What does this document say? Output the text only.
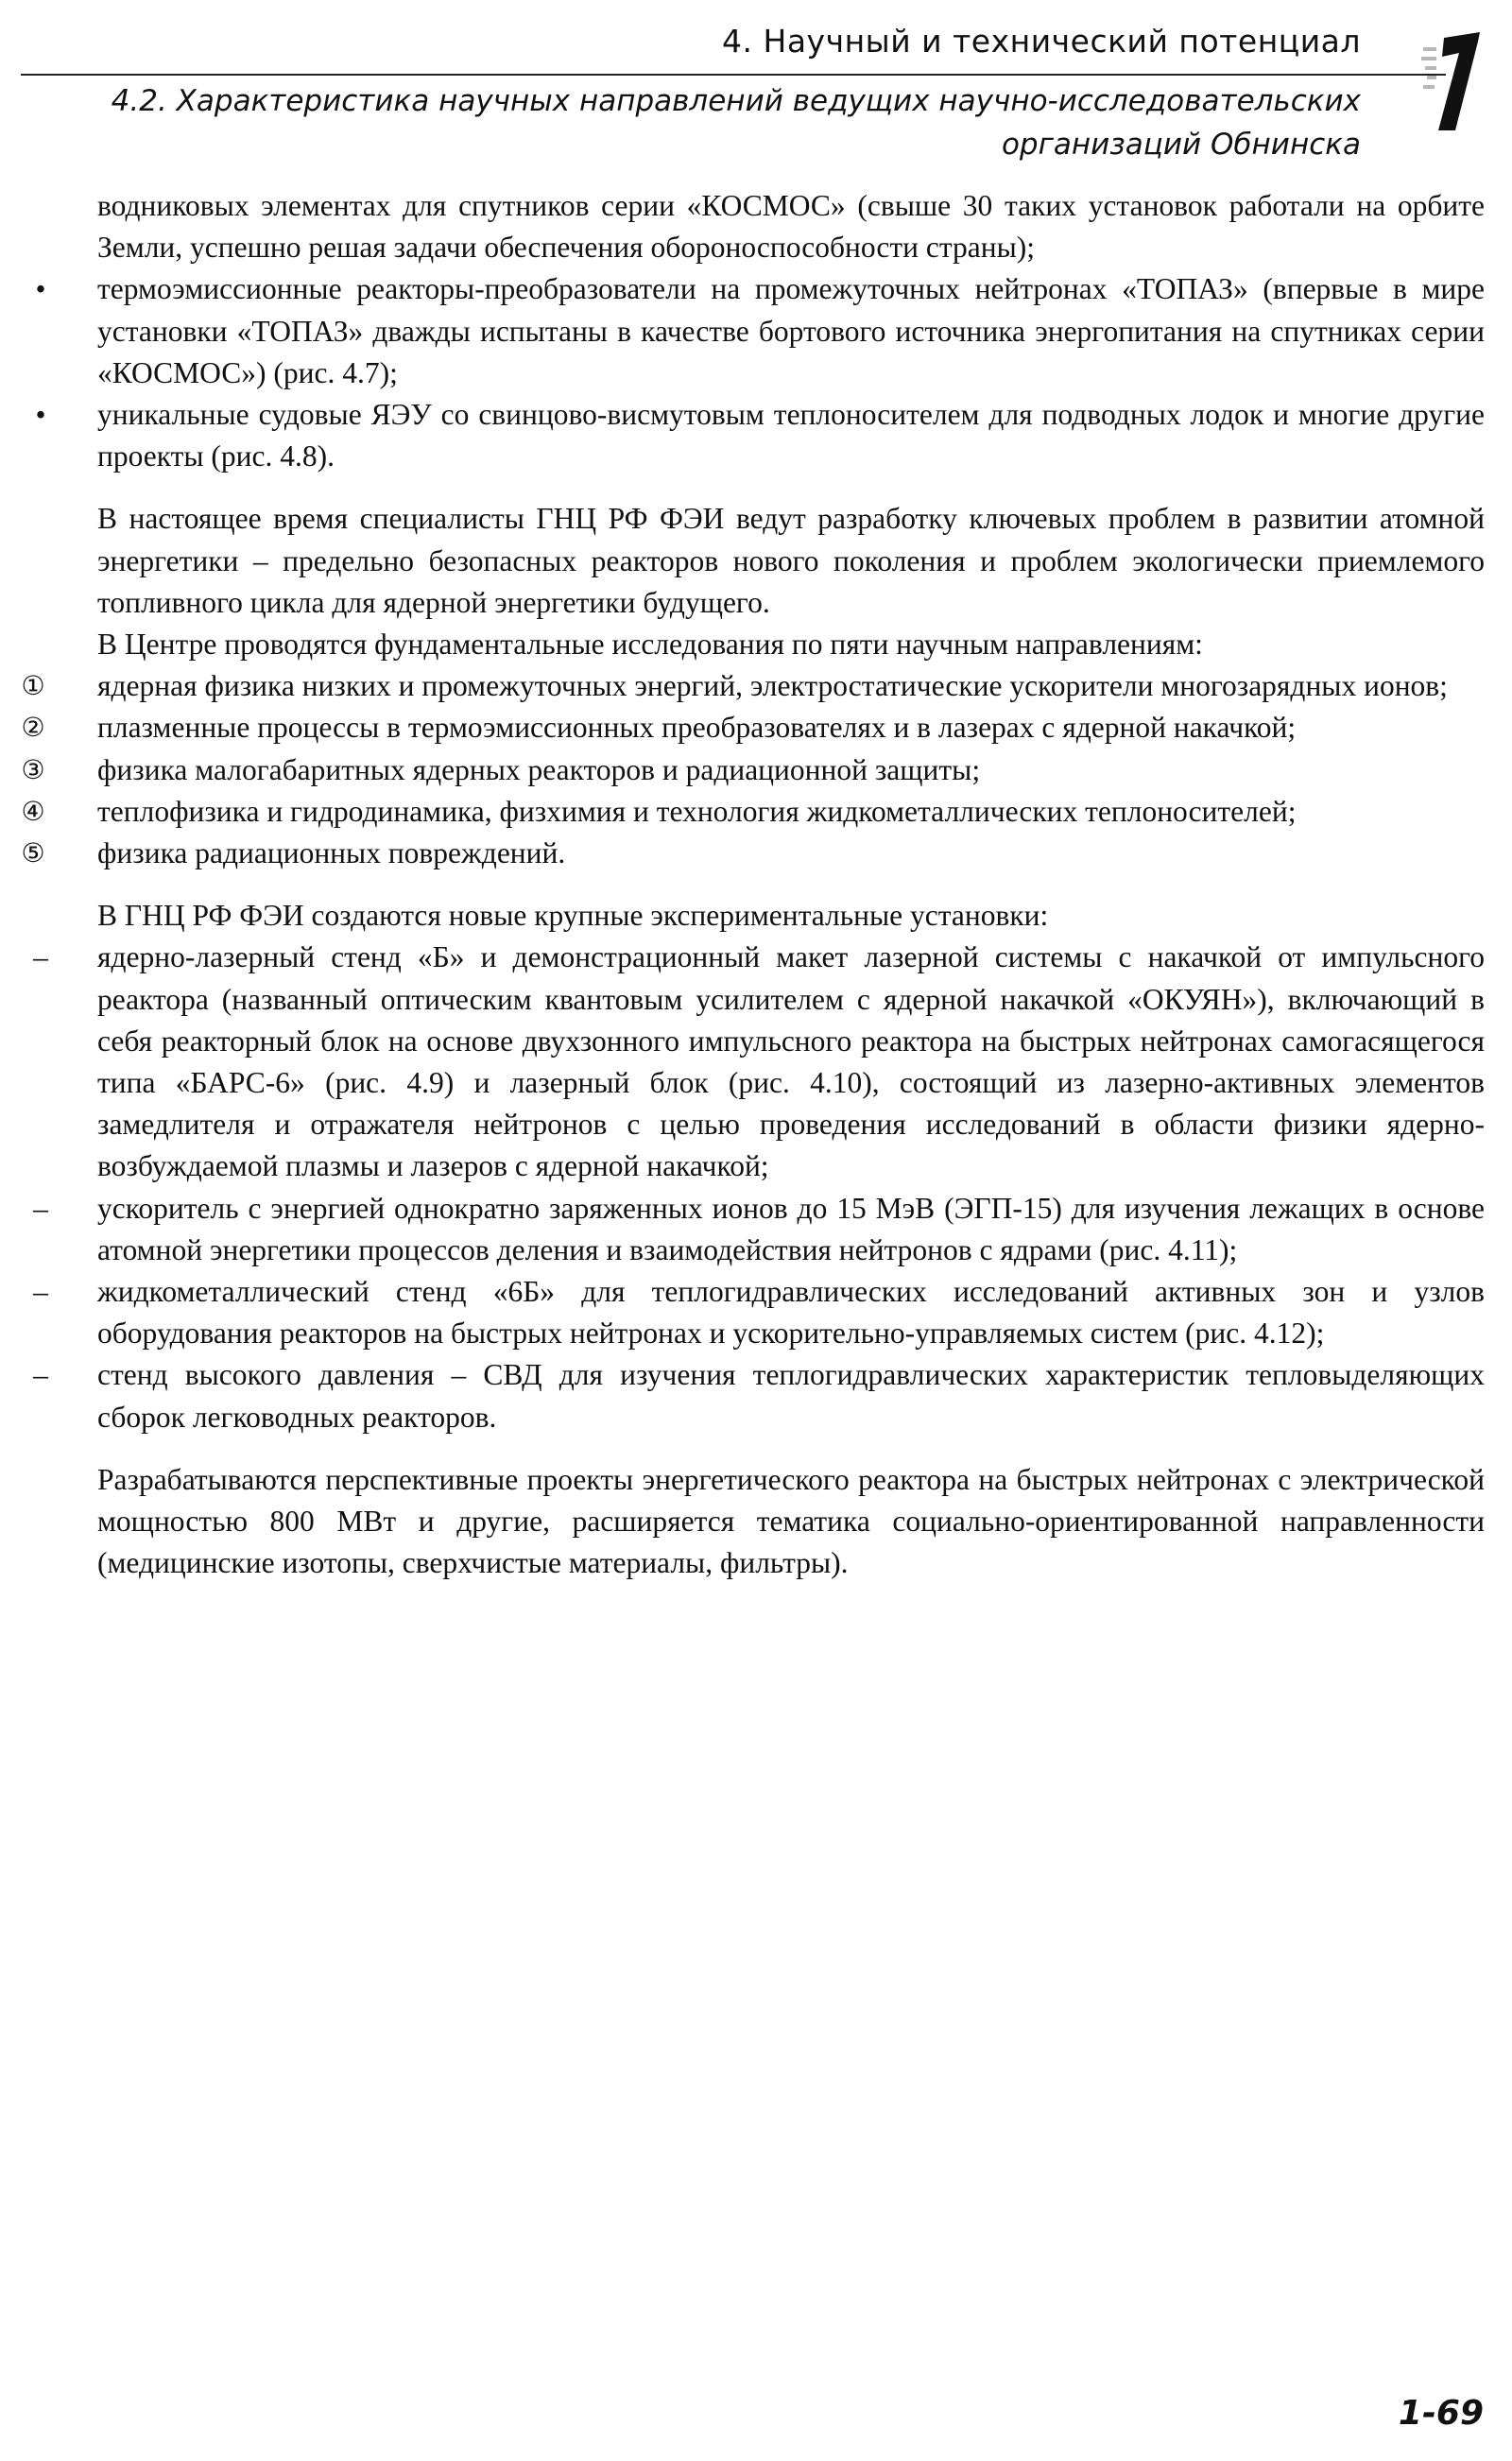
4. Научный и технический потенциал
4.2. Характеристика научных направлений ведущих научно-исследовательских
организаций Обнинска

водниковых элементах для спутников серии «КОСМОС» (свыше 30 таких установок работали на орбите Земли, успешно решая задачи обеспечения обороноспособности страны);

•	термоэмиссионные реакторы-преобразователи на промежуточных нейтронах «ТОПАЗ» (впервые в мире установки «ТОПАЗ» дважды испытаны в качестве бортового источника энергопитания на спутниках серии «КОСМОС») (рис. 4.7);
•	уникальные судовые ЯЭУ со свинцово-висмутовым теплоносителем для подводных лодок и многие другие проекты (рис. 4.8).

В настоящее время специалисты ГНЦ РФ ФЭИ ведут разработку ключевых проблем в развитии атомной энергетики – предельно безопасных реакторов нового поколения и проблем экологически приемлемого топливного цикла для ядерной энергетики будущего.

В Центре проводятся фундаментальные исследования по пяти научным направлениям:

① ядерная физика низких и промежуточных энергий, электростатические ускорители многозарядных ионов;
② плазменные процессы в термоэмиссионных преобразователях и в лазерах с ядерной накачкой;
③ физика малогабаритных ядерных реакторов и радиационной защиты;
④ теплофизика и гидродинамика, физхимия и технология жидкометаллических теплоносителей;
⑤ физика радиационных повреждений.

В ГНЦ РФ ФЭИ создаются новые крупные экспериментальные установки:

–	ядерно-лазерный стенд «Б» и демонстрационный макет лазерной системы с накачкой от импульсного реактора (названный оптическим квантовым усилителем с ядерной накачкой «ОКУЯН»), включающий в себя реакторный блок на основе двухзонного импульсного реактора на быстрых нейтронах самогасящегося типа «БАРС-6» (рис. 4.9) и лазерный блок (рис. 4.10), состоящий из лазерно-активных элементов замедлителя и отражателя нейтронов с целью проведения исследований в области физики ядерно-возбуждаемой плазмы и лазеров с ядерной накачкой;
–	ускоритель с энергией однократно заряженных ионов до 15 МэВ (ЭГП-15) для изучения лежащих в основе атомной энергетики процессов деления и взаимодействия нейтронов с ядрами (рис. 4.11);
–	жидкометаллический стенд «6Б» для теплогидравлических исследований активных зон и узлов оборудования реакторов на быстрых нейтронах и ускорительно-управляемых систем (рис. 4.12);
–	стенд высокого давления – СВД для изучения теплогидравлических характеристик тепловыделяющих сборок легководных реакторов.

Разрабатываются перспективные проекты энергетического реактора на быстрых нейтронах с электрической мощностью 800 МВт и другие, расширяется тематика социально-ориентированной направленности (медицинские изотопы, сверхчистые материалы, фильтры).

1-69
